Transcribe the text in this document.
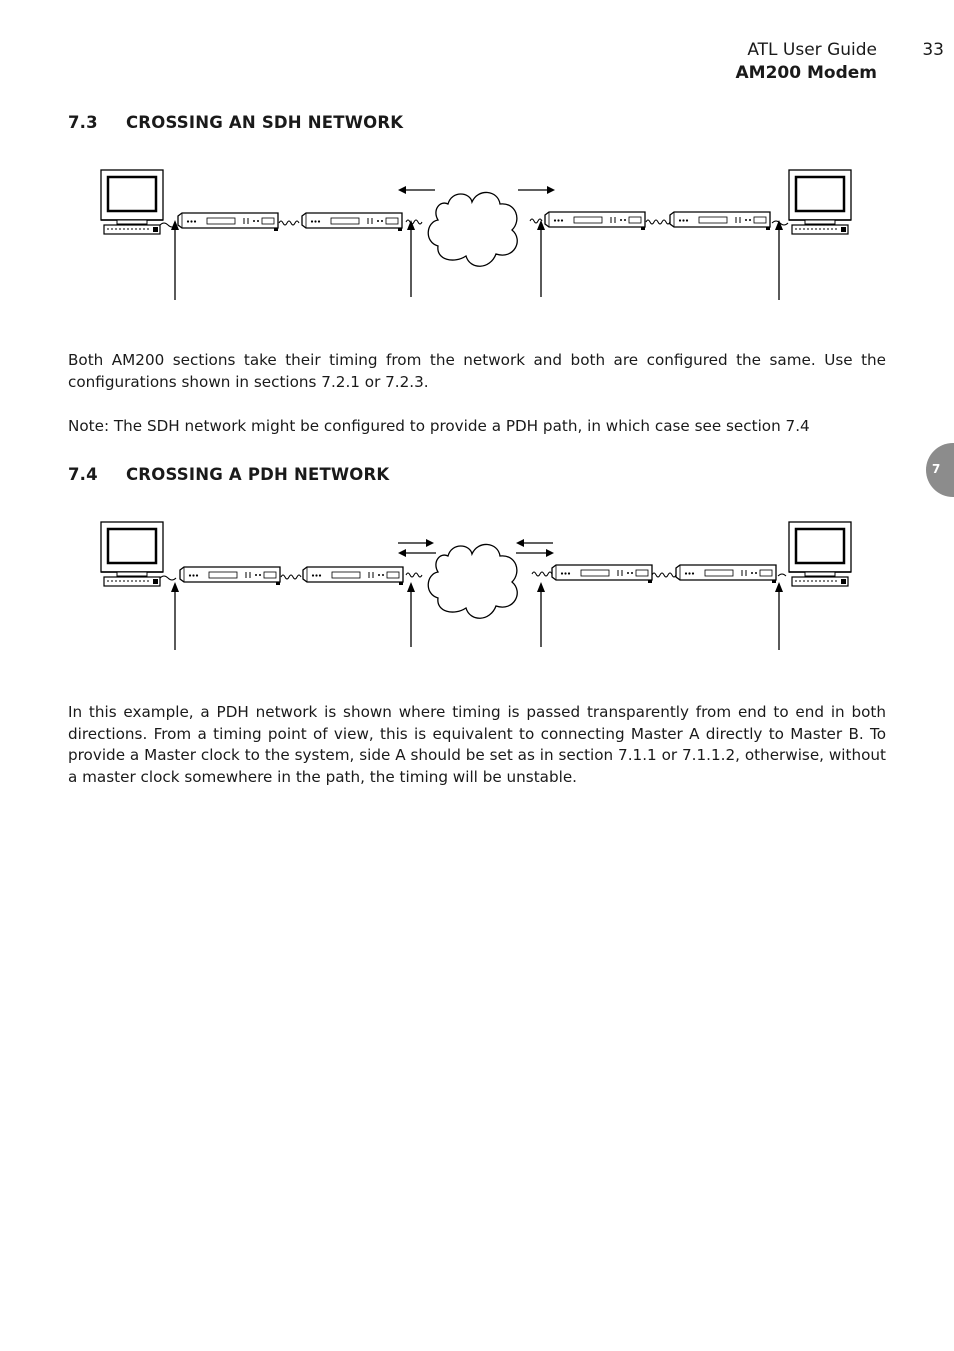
ATL User Guide
AM200 Modem
33
7
7.3 CROSSING AN SDH NETWORK
Both AM200 sections take their timing from the network and both are configured the same. Use the configurations shown in sections 7.2.1 or 7.2.3.
Note: The SDH network might be configured to provide a PDH path, in which case see section 7.4
7.4 CROSSING A PDH NETWORK
In this example, a PDH network is shown where timing is passed transparently from end to end in both directions. From a timing point of view, this is equivalent to connecting Master A directly to Master B. To provide a Master clock to the system, side A should be set as in section 7.1.1 or 7.1.1.2, otherwise, without a master clock somewhere in the path, the timing will be unstable.
